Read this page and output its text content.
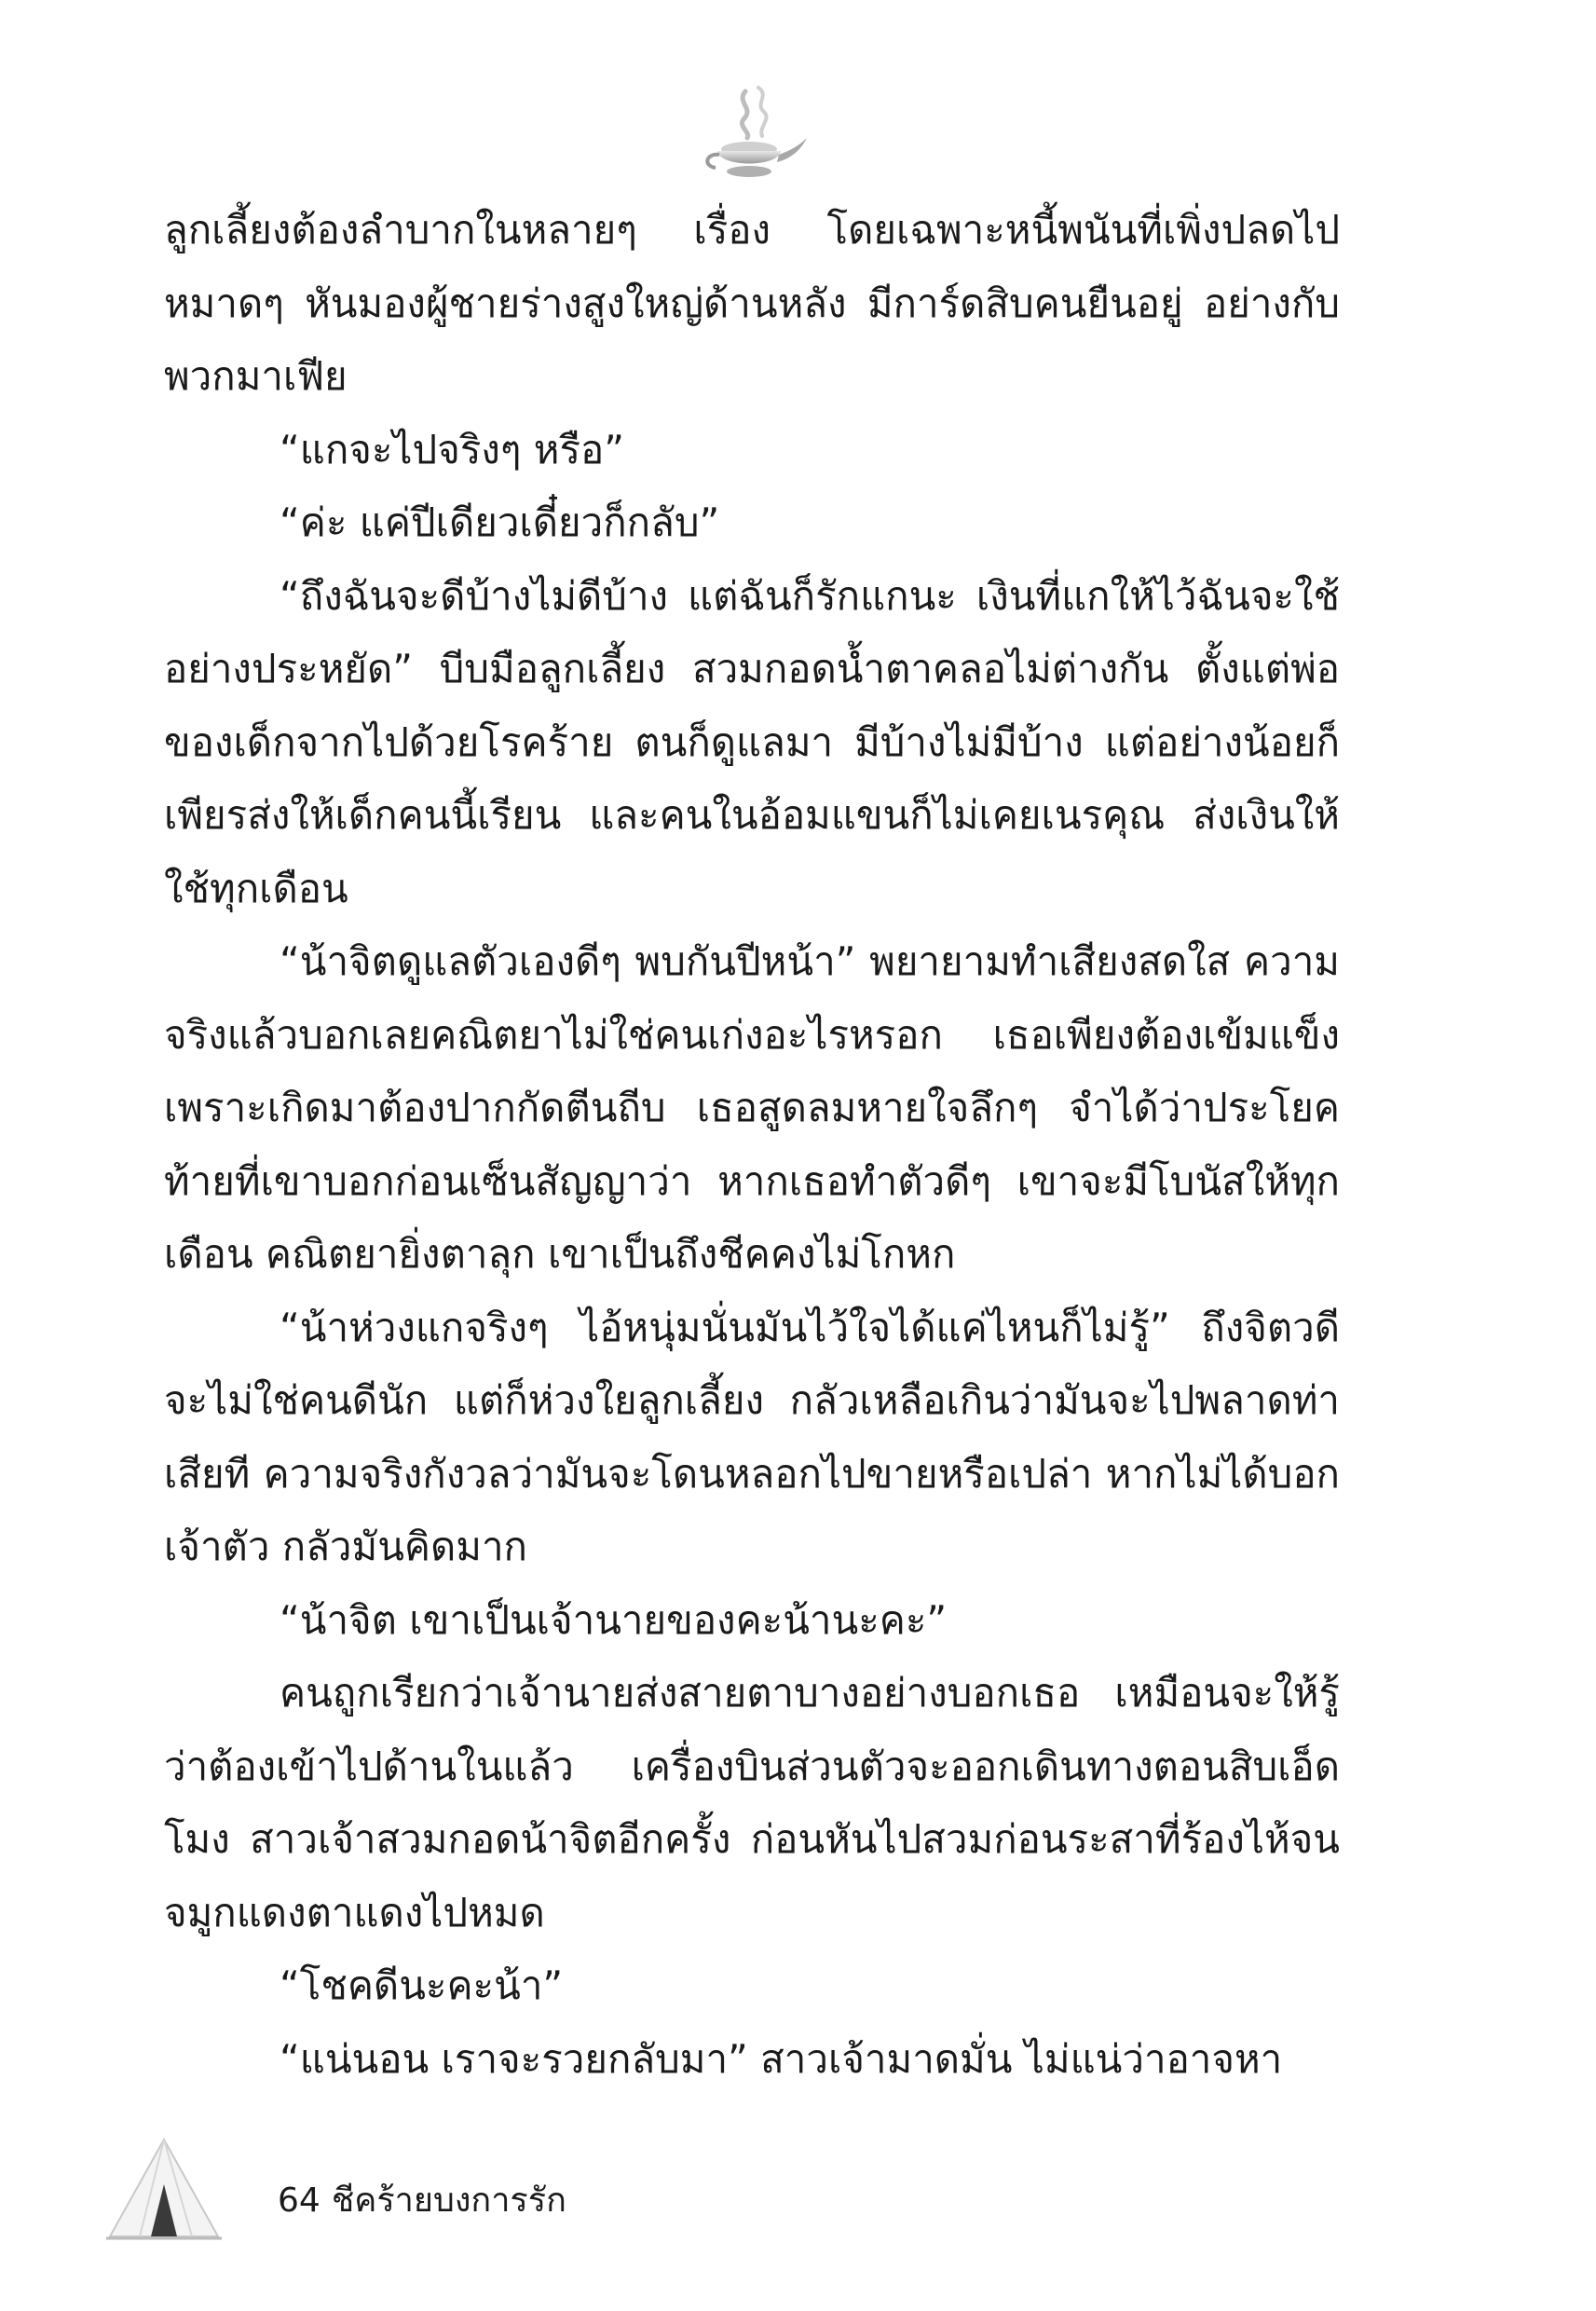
ลูกเลี้ยงต้องลำบากในหลายๆ เรื่อง โดยเฉพาะหนี้พนันที่เพิ่งปลดไปหมาดๆ หันมองผู้ชายร่างสูงใหญ่ด้านหลัง มีการ์ดสิบคนยืนอยู่ อย่างกับพวกมาเฟีย

“แกจะไปจริงๆ หรือ”

“ค่ะ แค่ปีเดียวเดี๋ยวก็กลับ”

“ถึงฉันจะดีบ้างไม่ดีบ้าง แต่ฉันก็รักแกนะ เงินที่แกให้ไว้ฉันจะใช้อย่างประหยัด” บีบมือลูกเลี้ยง สวมกอดน้ำตาคลอไม่ต่างกัน ตั้งแต่พ่อของเด็กจากไปด้วยโรคร้าย ตนก็ดูแลมา มีบ้างไม่มีบ้าง แต่อย่างน้อยก็เพียรส่งให้เด็กคนนี้เรียน และคนในอ้อมแขนก็ไม่เคยเนรคุณ ส่งเงินให้ใช้ทุกเดือน

“น้าจิตดูแลตัวเองดีๆ พบกันปีหน้า” พยายามทำเสียงสดใส ความจริงแล้วบอกเลยคณิตยาไม่ใช่คนเก่งอะไรหรอก เธอเพียงต้องเข้มแข็งเพราะเกิดมาต้องปากกัดตีนถีบ เธอสูดลมหายใจลึกๆ จำได้ว่าประโยคท้ายที่เขาบอกก่อนเซ็นสัญญาว่า หากเธอทำตัวดีๆ เขาจะมีโบนัสให้ทุกเดือน คณิตยายิ่งตาลุก เขาเป็นถึงชีคคงไม่โกหก

“น้าห่วงแกจริงๆ ไอ้หนุ่มนั่นมันไว้ใจได้แค่ไหนก็ไม่รู้” ถึงจิตวดีจะไม่ใช่คนดีนัก แต่ก็ห่วงใยลูกเลี้ยง กลัวเหลือเกินว่ามันจะไปพลาดท่าเสียที ความจริงกังวลว่ามันจะโดนหลอกไปขายหรือเปล่า หากไม่ได้บอกเจ้าตัว กลัวมันคิดมาก

“น้าจิต เขาเป็นเจ้านายของคะน้านะคะ”

คนถูกเรียกว่าเจ้านายส่งสายตาบางอย่างบอกเธอ เหมือนจะให้รู้ว่าต้องเข้าไปด้านในแล้ว เครื่องบินส่วนตัวจะออกเดินทางตอนสิบเอ็ดโมง สาวเจ้าสวมกอดน้าจิตอีกครั้ง ก่อนหันไปสวมก่อนระสาที่ร้องไห้จนจมูกแดงตาแดงไปหมด

“โชคดีนะคะน้า”

“แน่นอน เราจะรวยกลับมา” สาวเจ้ามาดมั่น ไม่แน่ว่าอาจหา

64 ชีคร้ายบงการรัก
